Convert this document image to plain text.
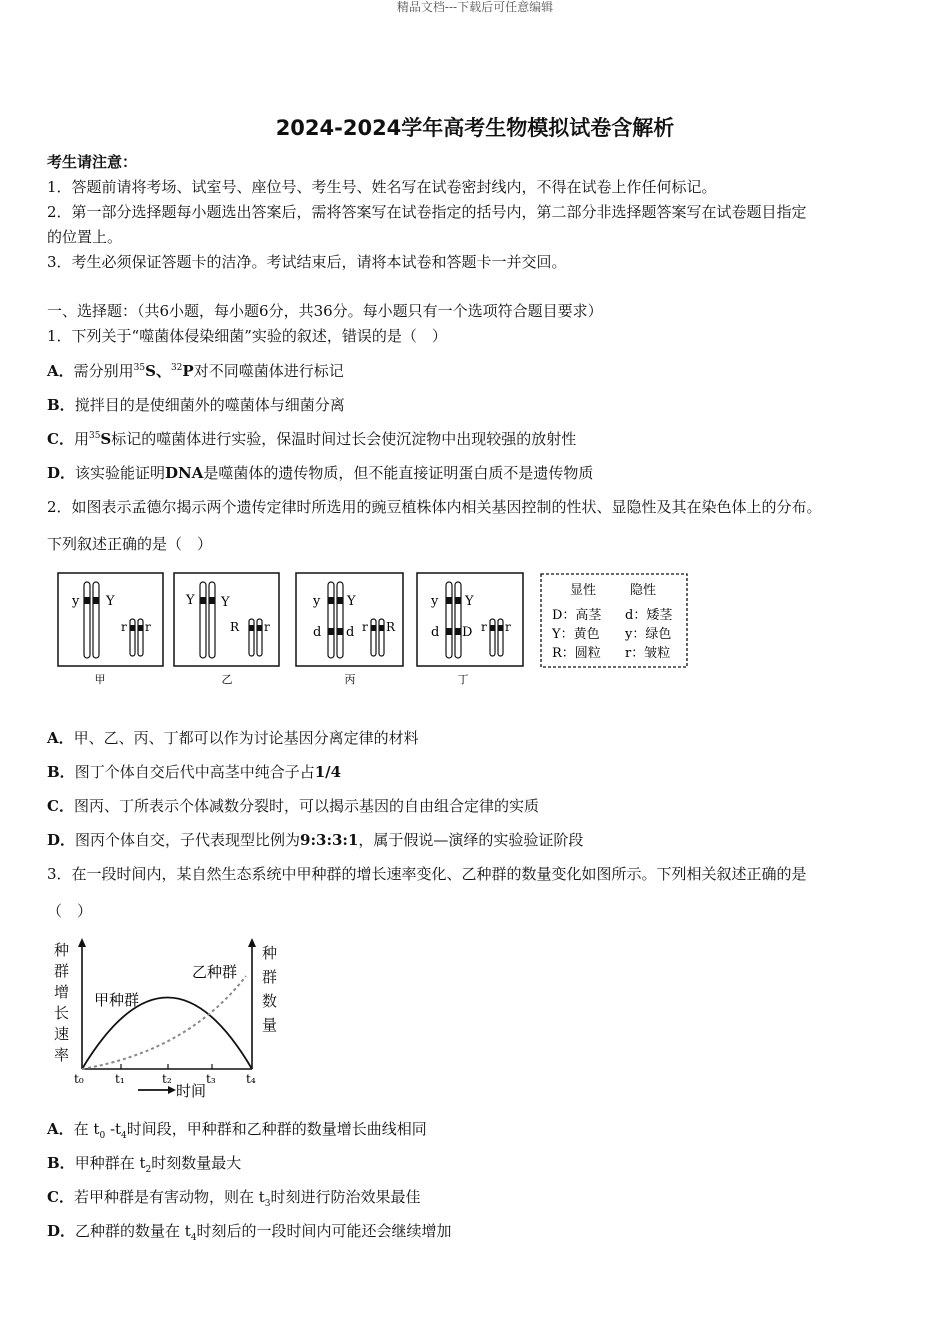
精品文档---下载后可任意编辑
2024-2024学年高考生物模拟试卷含解析
考生请注意：
1．答题前请将考场、试室号、座位号、考生号、姓名写在试卷密封线内，不得在试卷上作任何标记。
2．第一部分选择题每小题选出答案后，需将答案写在试卷指定的括号内，第二部分非选择题答案写在试卷题目指定
的位置上。
3．考生必须保证答题卡的洁净。考试结束后，请将本试卷和答题卡一并交回。
一、选择题：（共6小题，每小题6分，共36分。每小题只有一个选项符合题目要求）
1．下列关于“噬菌体侵染细菌”实验的叙述，错误的是（　）
A．需分别用$^{35}$S、$^{32}$P对不同噬菌体进行标记
B．搅拌目的是使细菌外的噬菌体与细菌分离
C．用$^{35}$S标记的噬菌体进行实验，保温时间过长会使沉淀物中出现较强的放射性
D．该实验能证明DNA是噬菌体的遗传物质，但不能直接证明蛋白质不是遗传物质
2．如图表示孟德尔揭示两个遗传定律时所选用的豌豆植株体内相关基因控制的性状、显隐性及其在染色体上的分布。
下列叙述正确的是（　）
y Y
r r
甲
Y Y
R r
乙
y Y
d d r R
丙
y Y
d D r r
丁
显性	隐性
D：高茎 d：矮茎
Y：黄色 y：绿色
R：圆粒 r：皱粒
A．甲、乙、丙、丁都可以作为讨论基因分离定律的材料
B．图丁个体自交后代中高茎中纯合子占1/4
C．图丙、丁所表示个体减数分裂时，可以揭示基因的自由组合定律的实质
D．图丙个体自交，子代表现型比例为9:3:3:1，属于假说—演绎的实验验证阶段
3．在一段时间内，某自然生态系统中甲种群的增长速率变化、乙种群的数量变化如图所示。下列相关叙述正确的是
（　）
种
群
增
长
速
率
种
群
数
量
甲种群
乙种群
t₀	t₁	t₂	t₃	t₄
时间
A．在 $t_0$ $-t_4$时间段，甲种群和乙种群的数量增长曲线相同
B．甲种群在 $t_2$时刻数量最大
C．若甲种群是有害动物，则在 $t_3$时刻进行防治效果最佳
D．乙种群的数量在 $t_4$时刻后的一段时间内可能还会继续增加
